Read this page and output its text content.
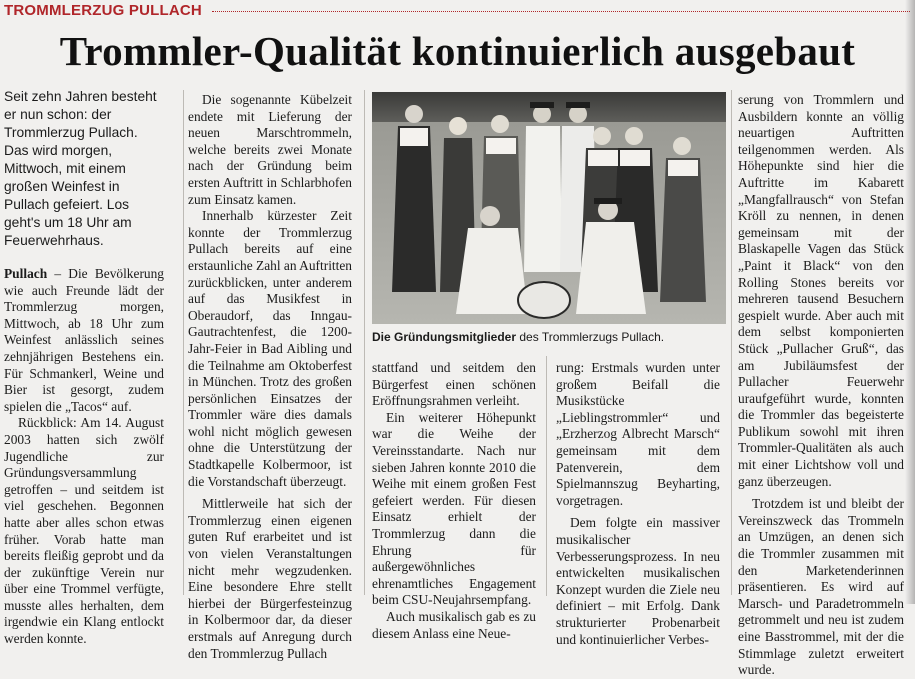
TROMMLERZUG PULLACH
Trommler-Qualität kontinuierlich ausgebaut
Seit zehn Jahren besteht er nun schon: der Trommlerzug Pullach. Das wird morgen, Mittwoch, mit einem großen Weinfest in Pullach gefeiert. Los geht's um 18 Uhr am Feuerwehrhaus.

Pullach – Die Bevölkerung wie auch Freunde lädt der Trommlerzug morgen, Mittwoch, ab 18 Uhr zum Weinfest anlässlich seines zehnjährigen Bestehens ein. Für Schmankerl, Weine und Bier ist gesorgt, zudem spielen die „Tacos“ auf.

Rückblick: Am 14. August 2003 hatten sich zwölf Jugendliche zur Gründungsversammlung getroffen – und seitdem ist viel geschehen. Begonnen hatte aber alles schon etwas früher. Vorab hatte man bereits fleißig geprobt und da der zukünftige Verein nur über eine Trommel verfügte, musste alles herhalten, dem irgendwie ein Klang entlockt werden konnte.

Die sogenannte Kübelzeit endete mit Lieferung der neuen Marschtrommeln, welche bereits zwei Monate nach der Gründung beim ersten Auftritt in Schlarbhofen zum Einsatz kamen.

Innerhalb kürzester Zeit konnte der Trommlerzug Pullach bereits auf eine erstaunliche Zahl an Auftritten zurückblicken, unter anderem auf das Musikfest in Oberaudorf, das Inngau-Gautrachtenfest, die 1200-Jahr-Feier in Bad Aibling und die Teilnahme am Oktoberfest in München. Trotz des großen persönlichen Einsatzes der Trommler wäre dies damals wohl nicht möglich gewesen ohne die Unterstützung der Stadtkapelle Kolbermoor, ist die Vorstandschaft überzeugt.

Mittlerweile hat sich der Trommlerzug einen eigenen guten Ruf erarbeitet und ist von vielen Veranstaltungen nicht mehr wegzudenken. Eine besondere Ehre stellt hierbei der Bürgerfesteinzug in Kolbermoor dar, da dieser erstmals auf Anregung durch den Trommlerzug Pullach

Die Gründungsmitglieder des Trommlerzugs Pullach.

stattfand und seitdem den Bürgerfest einen schönen Eröffnungsrahmen verleiht.

Ein weiterer Höhepunkt war die Weihe der Vereinsstandarte. Nach nur sieben Jahren konnte 2010 die Weihe mit einem großen Fest gefeiert werden. Für diesen Einsatz erhielt der Trommlerzug dann die Ehrung für außergewöhnliches ehrenamtliches Engagement beim CSU-Neujahrsempfang.

Auch musikalisch gab es zu diesem Anlass eine Neue-

rung: Erstmals wurden unter großem Beifall die Musikstücke „Lieblingstrommler“ und „Erzherzog Albrecht Marsch“ gemeinsam mit dem Patenverein, dem Spielmannszug Beyharting, vorgetragen.

Dem folgte ein massiver musikalischer Verbesserungsprozess. In neu entwickelten musikalischen Konzept wurden die Ziele neu definiert – mit Erfolg. Dank strukturierter Probenarbeit und kontinuierlicher Verbes-

serung von Trommlern und Ausbildern konnte an völlig neuartigen Auftritten teilgenommen werden. Als Höhepunkte sind hier die Auftritte im Kabarett „Mangfallrausch“ von Stefan Kröll zu nennen, in denen gemeinsam mit der Blaskapelle Vagen das Stück „Paint it Black“ von den Rolling Stones bereits vor mehreren tausend Besuchern gespielt wurde. Aber auch mit dem selbst komponierten Stück „Pullacher Gruß“, das am Jubiläumsfest der Pullacher Feuerwehr uraufgeführt wurde, konnten die Trommler das begeisterte Publikum sowohl mit ihren Trommler-Qualitäten als auch mit einer Lichtshow voll und ganz überzeugen.

Trotzdem ist und bleibt der Vereinszweck das Trommeln an Umzügen, an denen sich die Trommler zusammen mit den Marketenderinnen präsentieren. Es wird auf Marsch- und Paradetrommeln getrommelt und neu ist zudem eine Basstrommel, mit der die Stimmlage zuletzt erweitert wurde.
